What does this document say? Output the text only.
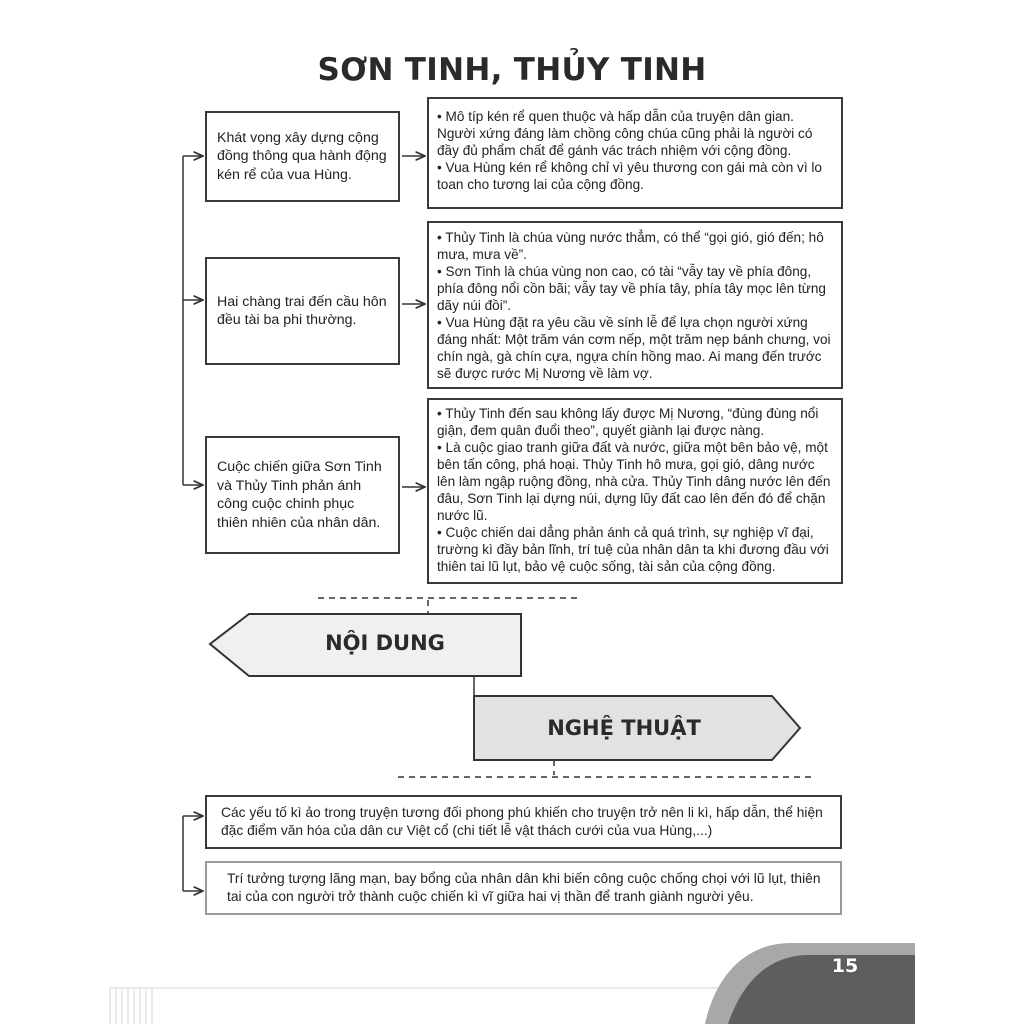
SƠN TINH, THỦY TINH
Khát vọng xây dựng cộng đồng thông qua hành động kén rể của vua Hùng.

• Mô típ kén rể quen thuộc và hấp dẫn của truyện dân gian. Người xứng đáng làm chồng công chúa cũng phải là người có đầy đủ phẩm chất để gánh vác trách nhiệm với cộng đồng.

• Vua Hùng kén rể không chỉ vì yêu thương con gái mà còn vì lo toan cho tương lai của cộng đồng.

Hai chàng trai đến cầu hôn đều tài ba phi thường.

• Thủy Tinh là chúa vùng nước thẳm, có thể “gọi gió, gió đến; hô mưa, mưa về”.

• Sơn Tinh là chúa vùng non cao, có tài “vẫy tay về phía đông, phía đông nổi cồn bãi; vẫy tay về phía tây, phía tây mọc lên từng dãy núi đồi”.

• Vua Hùng đặt ra yêu cầu về sính lễ để lựa chọn người xứng đáng nhất: Một trăm ván cơm nếp, một trăm nẹp bánh chưng, voi chín ngà, gà chín cựa, ngựa chín hồng mao. Ai mang đến trước sẽ được rước Mị Nương về làm vợ.

Cuộc chiến giữa Sơn Tinh và Thủy Tinh phản ánh công cuộc chinh phục thiên nhiên của nhân dân.

• Thủy Tinh đến sau không lấy được Mị Nương, “đùng đùng nổi giận, đem quân đuổi theo”, quyết giành lại được nàng.

• Là cuộc giao tranh giữa đất và nước, giữa một bên bảo vệ, một bên tấn công, phá hoại. Thủy Tinh hô mưa, gọi gió, dâng nước lên làm ngập ruộng đồng, nhà cửa. Thủy Tinh dâng nước lên đến đâu, Sơn Tinh lại dựng núi, dựng lũy đất cao lên đến đó để chặn nước lũ.

• Cuộc chiến dai dẳng phản ánh cả quá trình, sự nghiệp vĩ đại, trường kì đầy bản lĩnh, trí tuệ của nhân dân ta khi đương đầu với thiên tai lũ lụt, bảo vệ cuộc sống, tài sản của cộng đồng.

NỘI DUNG
NGHỆ THUẬT
Các yếu tố kì ảo trong truyện tương đối phong phú khiến cho truyện trở nên li kì, hấp dẫn, thể hiện đặc điểm văn hóa của dân cư Việt cổ (chi tiết lễ vật thách cưới của vua Hùng,...)
Trí tưởng tượng lãng mạn, bay bổng của nhân dân khi biến công cuộc chống chọi với lũ lụt, thiên tai của con người trở thành cuộc chiến kì vĩ giữa hai vị thần để tranh giành người yêu.
15
